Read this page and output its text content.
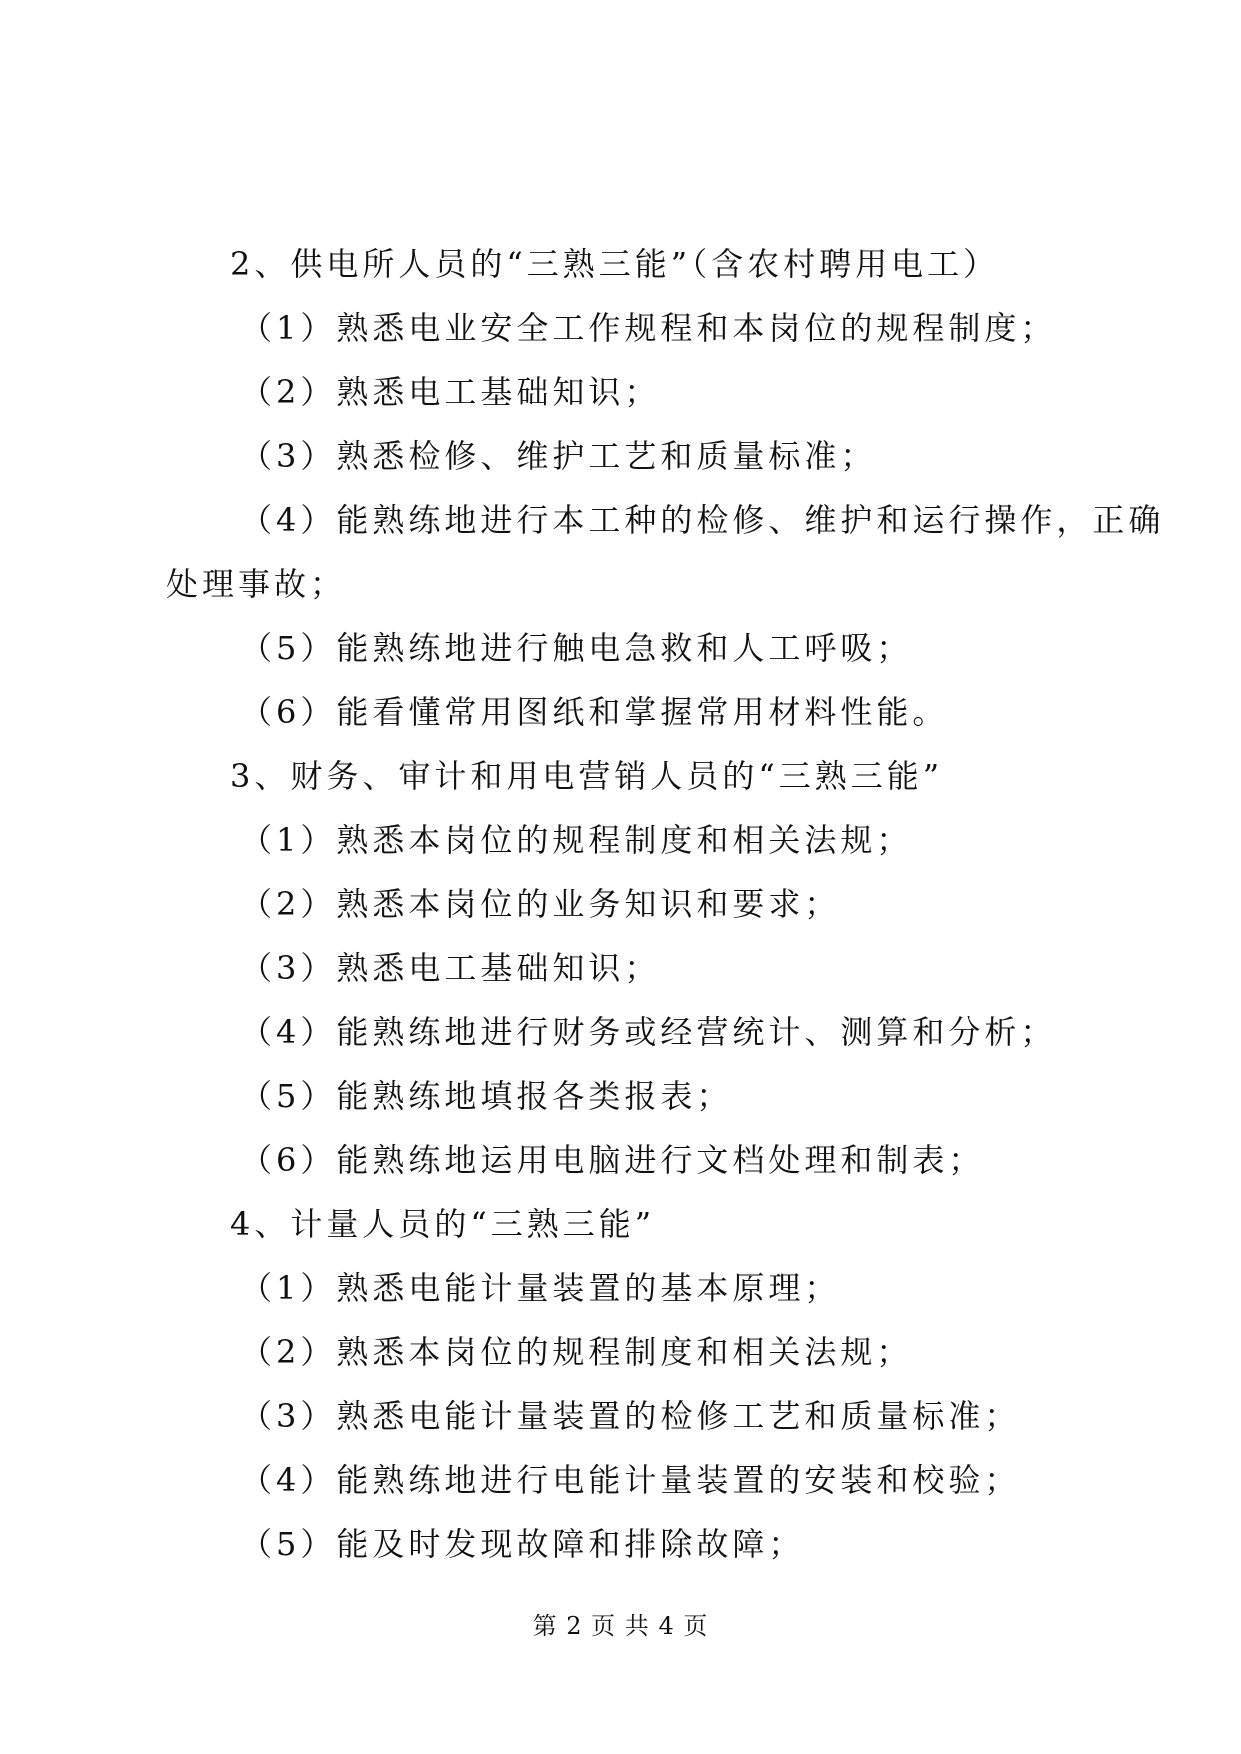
2、供电所人员的“三熟三能”（含农村聘用电工）
（1）熟悉电业安全工作规程和本岗位的规程制度；
（2）熟悉电工基础知识；
（3）熟悉检修、维护工艺和质量标准；
（4）能熟练地进行本工种的检修、维护和运行操作，正确
处理事故；
（5）能熟练地进行触电急救和人工呼吸；
（6）能看懂常用图纸和掌握常用材料性能。
3、财务、审计和用电营销人员的“三熟三能”
（1）熟悉本岗位的规程制度和相关法规；
（2）熟悉本岗位的业务知识和要求；
（3）熟悉电工基础知识；
（4）能熟练地进行财务或经营统计、测算和分析；
（5）能熟练地填报各类报表；
（6）能熟练地运用电脑进行文档处理和制表；
4、计量人员的“三熟三能”
（1）熟悉电能计量装置的基本原理；
（2）熟悉本岗位的规程制度和相关法规；
（3）熟悉电能计量装置的检修工艺和质量标准；
（4）能熟练地进行电能计量装置的安装和校验；
（5）能及时发现故障和排除故障；
第 2 页 共 4 页
